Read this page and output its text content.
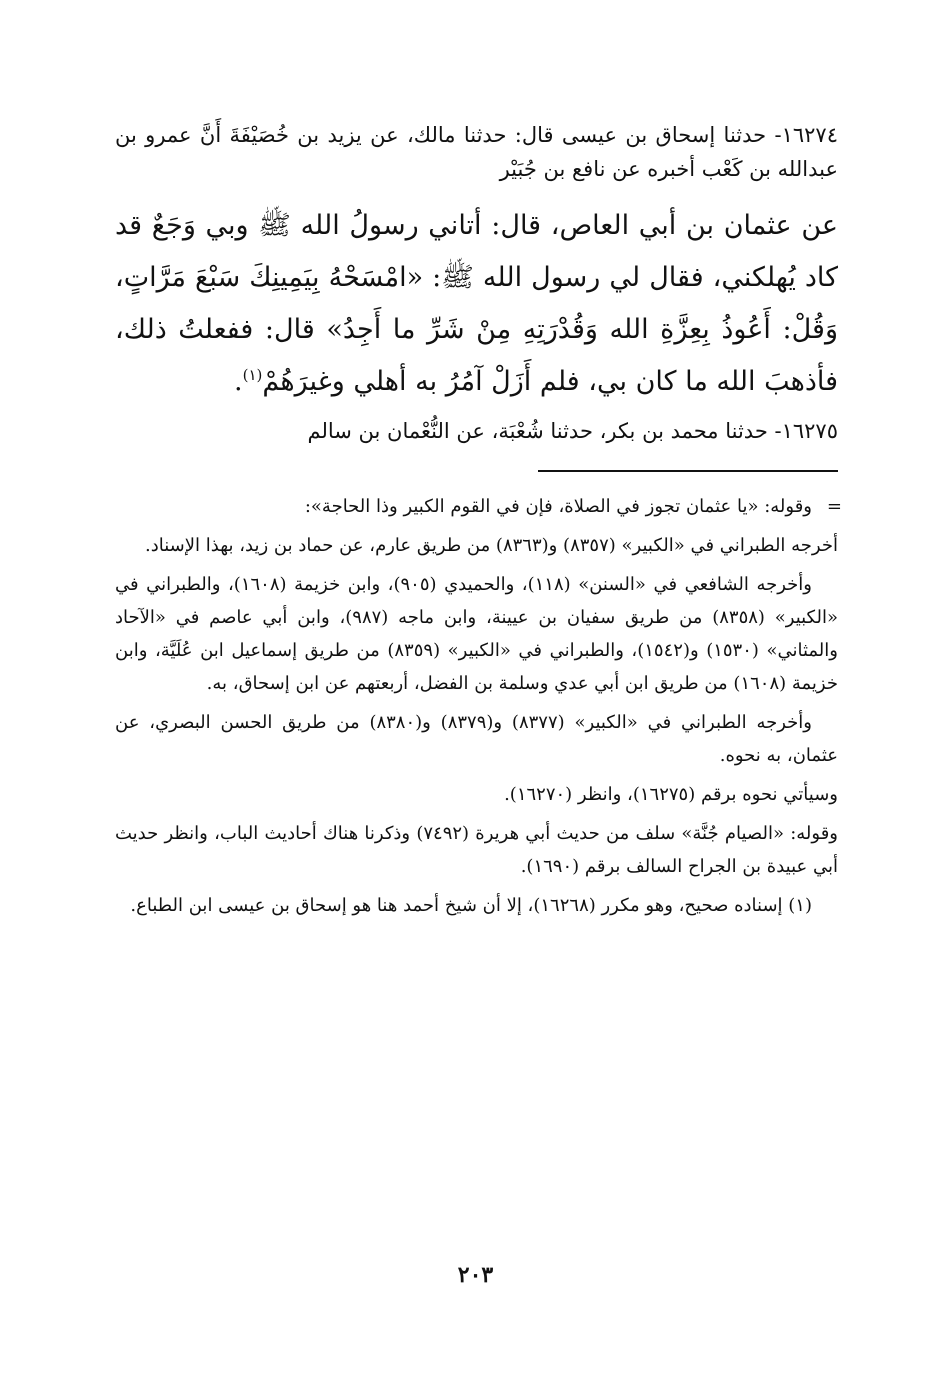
١٦٢٧٤- حدثنا إسحاق بن عيسى قال: حدثنا مالك، عن يزيد بن خُصَيْفَةَ أَنَّ عمرو بن عبدالله بن كَعْب أخبره عن نافع بن جُبَيْر

عن عثمان بن أبي العاص، قال: أتاني رسولُ الله ﷺ وبي وَجَعٌ قد كاد يُهلكني، فقال لي رسول الله ﷺ: «امْسَحْهُ بِيَمِينِكَ سَبْعَ مَرَّاتٍ، وَقُلْ: أَعُوذُ بِعِزَّةِ الله وَقُدْرَتِهِ مِنْ شَرِّ ما أَجِدُ» قال: ففعلتُ ذلك، فأذهبَ الله ما كان بي، فلم أَزَلْ آمُرُ به أهلي وغيرَهُمْ$^{(١)}$.

١٦٢٧٥- حدثنا محمد بن بكر، حدثنا شُعْبَة، عن النُّعْمان بن سالم

=
وقوله: «يا عثمان تجوز في الصلاة، فإن في القوم الكبير وذا الحاجة»:

أخرجه الطبراني في «الكبير» (٨٣٥٧) و(٨٣٦٣) من طريق عارم، عن حماد بن زيد، بهذا الإسناد.

وأخرجه الشافعي في «السنن» (١١٨)، والحميدي (٩٠٥)، وابن خزيمة (١٦٠٨)، والطبراني في «الكبير» (٨٣٥٨) من طريق سفيان بن عيينة، وابن ماجه (٩٨٧)، وابن أبي عاصم في «الآحاد والمثاني» (١٥٣٠) و(١٥٤٢)، والطبراني في «الكبير» (٨٣٥٩) من طريق إسماعيل ابن عُلَيَّة، وابن خزيمة (١٦٠٨) من طريق ابن أبي عدي وسلمة بن الفضل، أربعتهم عن ابن إسحاق، به.

وأخرجه الطبراني في «الكبير» (٨٣٧٧) و(٨٣٧٩) و(٨٣٨٠) من طريق الحسن البصري، عن عثمان، به نحوه.

وسيأتي نحوه برقم (١٦٢٧٥)، وانظر (١٦٢٧٠).

وقوله: «الصيام جُنَّة» سلف من حديث أبي هريرة (٧٤٩٢) وذكرنا هناك أحاديث الباب، وانظر حديث أبي عبيدة بن الجراح السالف برقم (١٦٩٠).

(١) إسناده صحيح، وهو مكرر (١٦٢٦٨)، إلا أن شيخ أحمد هنا هو إسحاق بن عيسى ابن الطباع.

٢٠٣
